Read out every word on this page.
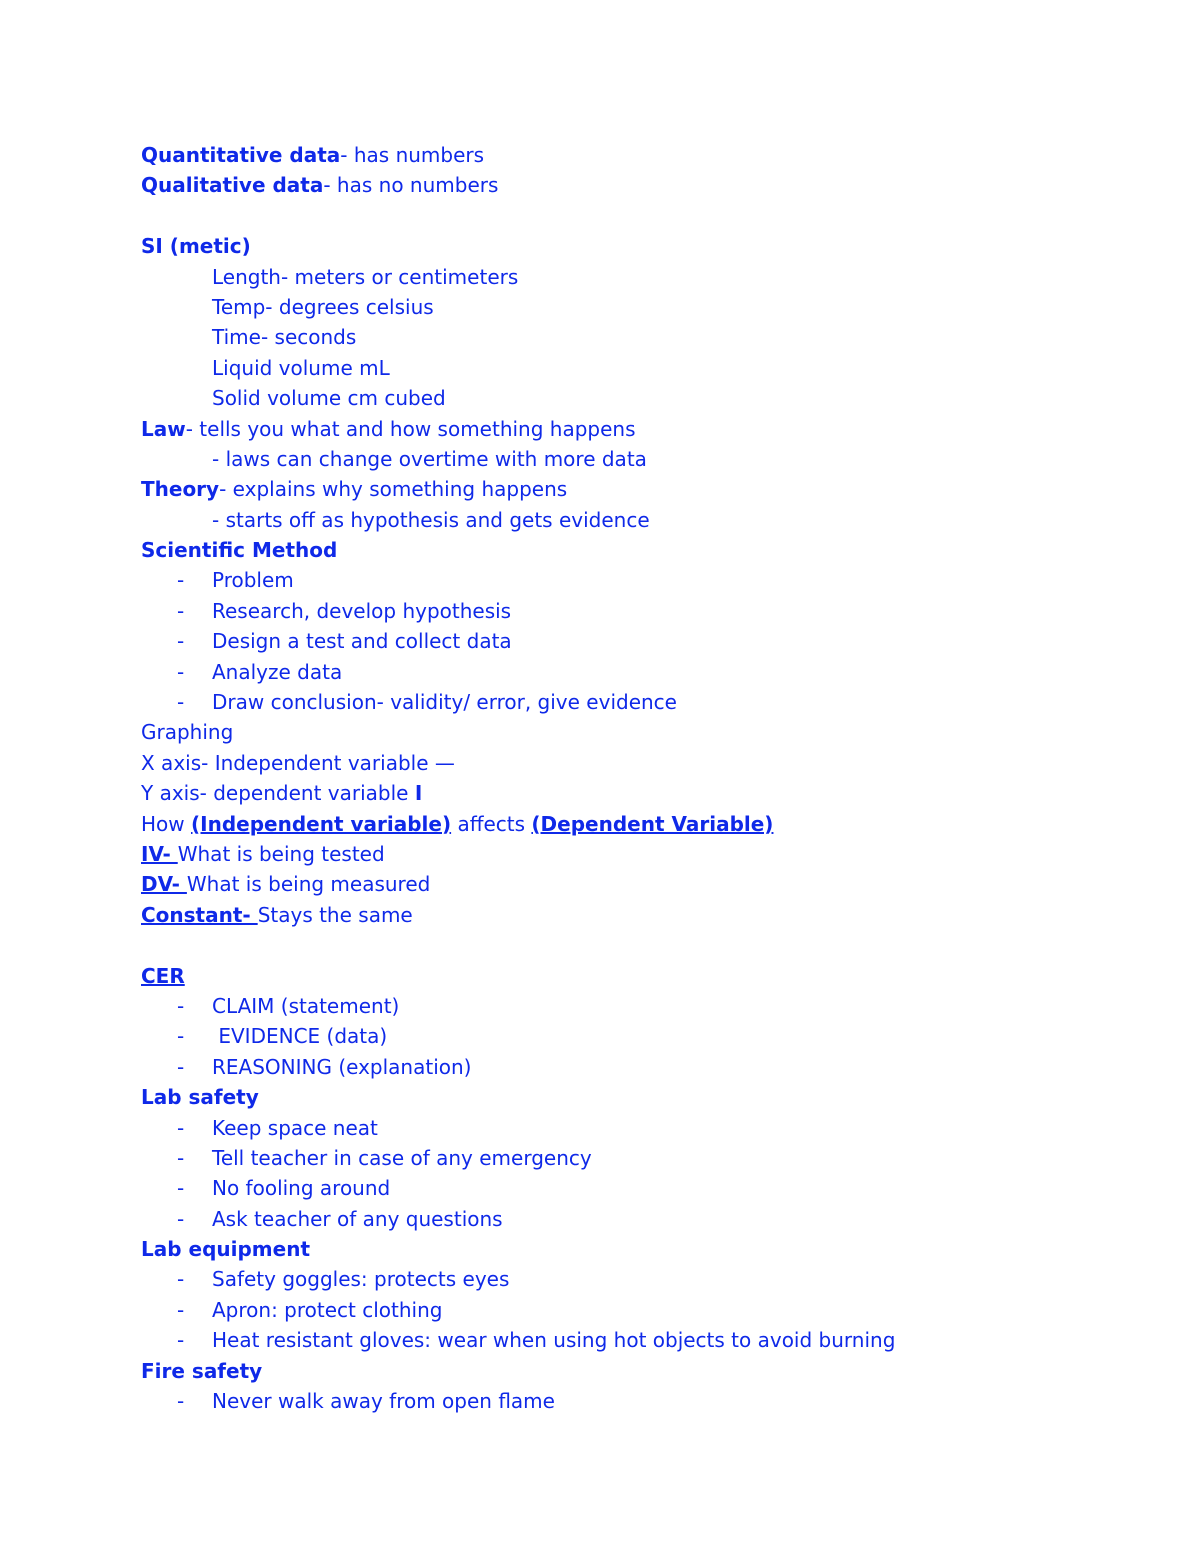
Quantitative data- has numbers
Qualitative data- has no numbers
SI (metic)
Length- meters or centimeters
Temp- degrees celsius
Time- seconds
Liquid volume mL
Solid volume cm cubed
Law- tells you what and how something happens
- laws can change overtime with more data
Theory- explains why something happens
- starts off as hypothesis and gets evidence
Scientific Method
- Problem
- Research, develop hypothesis
- Design a test and collect data
- Analyze data
- Draw conclusion- validity/ error, give evidence
Graphing
X axis- Independent variable —
Y axis- dependent variable I
How (Independent variable) affects (Dependent Variable)
IV- What is being tested
DV- What is being measured
Constant- Stays the same
CER
- CLAIM (statement)
- EVIDENCE (data)
- REASONING (explanation)
Lab safety
- Keep space neat
- Tell teacher in case of any emergency
- No fooling around
- Ask teacher of any questions
Lab equipment
- Safety goggles: protects eyes
- Apron: protect clothing
- Heat resistant gloves: wear when using hot objects to avoid burning
Fire safety
- Never walk away from open flame
